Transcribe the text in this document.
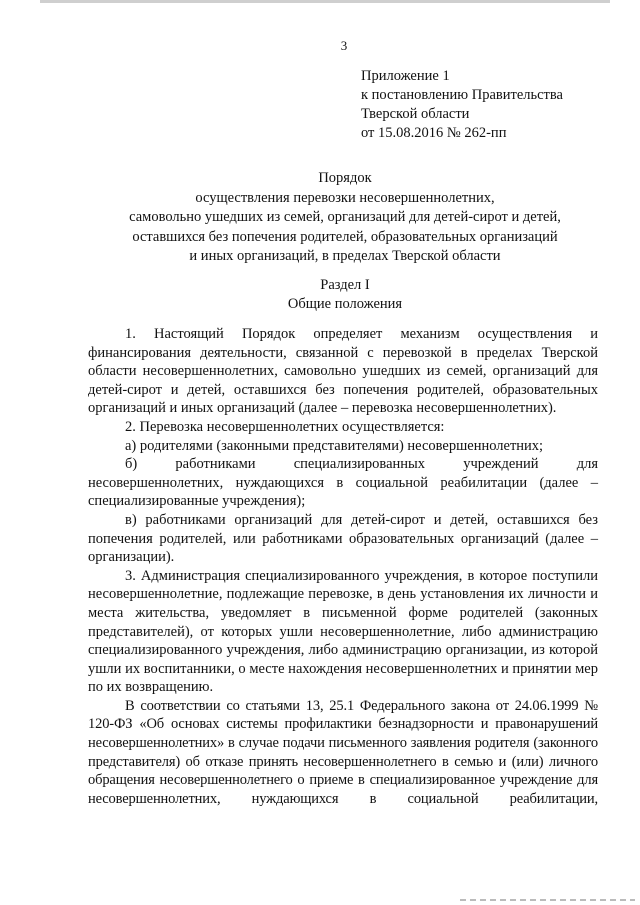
3
Приложение 1
к постановлению Правительства
Тверской области
от 15.08.2016 № 262-пп
Порядок
осуществления перевозки несовершеннолетних,
самовольно ушедших из семей, организаций для детей-сирот и детей,
оставшихся без попечения родителей, образовательных организаций
и иных организаций, в пределах Тверской области
Раздел I
Общие положения

1. Настоящий Порядок определяет механизм осуществления и финансирования деятельности, связанной с перевозкой в пределах Тверской области несовершеннолетних, самовольно ушедших из семей, организаций для детей-сирот и детей, оставшихся без попечения родителей, образовательных организаций и иных организаций (далее – перевозка несовершеннолетних).

2. Перевозка несовершеннолетних осуществляется:

а) родителями (законными представителями) несовершеннолетних;

б) работниками специализированных учреждений для несовершеннолетних, нуждающихся в социальной реабилитации (далее – специализированные учреждения);

в) работниками организаций для детей-сирот и детей, оставшихся без попечения родителей, или работниками образовательных организаций (далее – организации).

3. Администрация специализированного учреждения, в которое поступили несовершеннолетние, подлежащие перевозке, в день установления их личности и места жительства, уведомляет в письменной форме родителей (законных представителей), от которых ушли несовершеннолетние, либо администрацию специализированного учреждения, либо администрацию организации, из которой ушли их воспитанники, о месте нахождения несовершеннолетних и принятии мер по их возвращению.

В соответствии со статьями 13, 25.1 Федерального закона от 24.06.1999 № 120-ФЗ «Об основах системы профилактики безнадзорности и правонарушений несовершеннолетних» в случае подачи письменного заявления родителя (законного представителя) об отказе принять несовершеннолетнего в семью и (или) личного обращения несовершеннолетнего о приеме в специализированное учреждение для несовершеннолетних, нуждающихся в социальной реабилитации,
